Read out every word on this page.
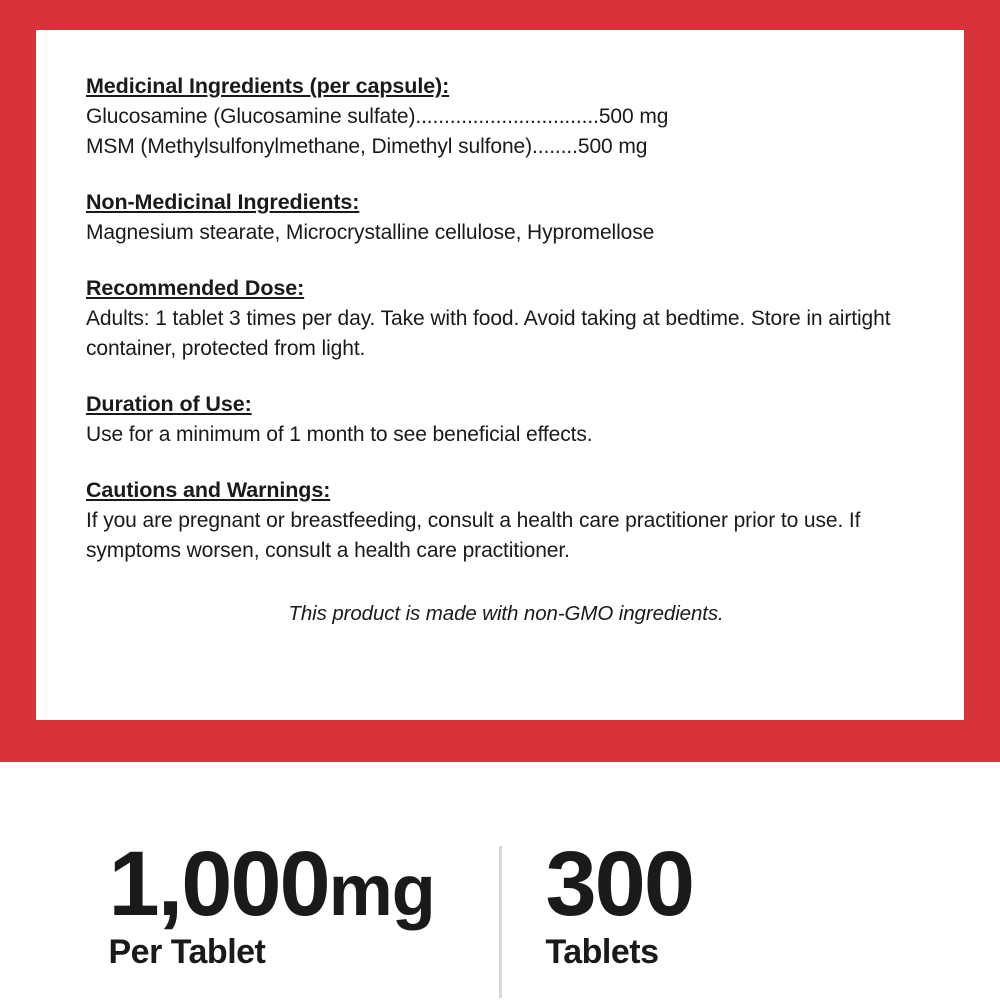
Medicinal Ingredients (per capsule):
Glucosamine (Glucosamine sulfate)................................500 mg
MSM (Methylsulfonylmethane, Dimethyl sulfone)........500 mg
Non-Medicinal Ingredients:
Magnesium stearate, Microcrystalline cellulose, Hypromellose
Recommended Dose:
Adults: 1 tablet 3 times per day. Take with food. Avoid taking at bedtime. Store in airtight container, protected from light.
Duration of Use:
Use for a minimum of 1 month to see beneficial effects.
Cautions and Warnings:
If you are pregnant or breastfeeding, consult a health care practitioner prior to use. If symptoms worsen, consult a health care practitioner.
This product is made with non-GMO ingredients.
1,000mg
Per Tablet
300
Tablets
